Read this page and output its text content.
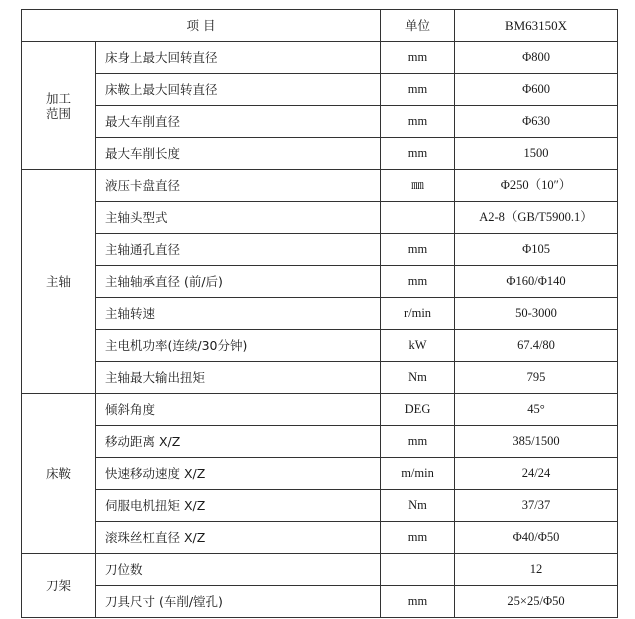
项 目		单位	BM63150X
加工
范围	床身上最大回转直径	mm	Φ800
	床鞍上最大回转直径	mm	Φ600
	最大车削直径	mm	Φ630
	最大车削长度	mm	1500
主轴	液压卡盘直径	㎜	Φ250（10″）
	主轴头型式		A2-8（GB/T5900.1）
	主轴通孔直径	mm	Φ105
	主轴轴承直径 (前/后)	mm	Φ160/Φ140
	主轴转速	r/min	50-3000
	主电机功率(连续/30分钟)	kW	67.4/80
	主轴最大输出扭矩	Nm	795
床鞍	倾斜角度	DEG	45°
	移动距离 X/Z	mm	385/1500
	快速移动速度 X/Z	m/min	24/24
	伺服电机扭矩 X/Z	Nm	37/37
	滚珠丝杠直径 X/Z	mm	Φ40/Φ50
刀架	刀位数		12
	刀具尺寸 (车削/镗孔)	mm	25×25/Φ50
